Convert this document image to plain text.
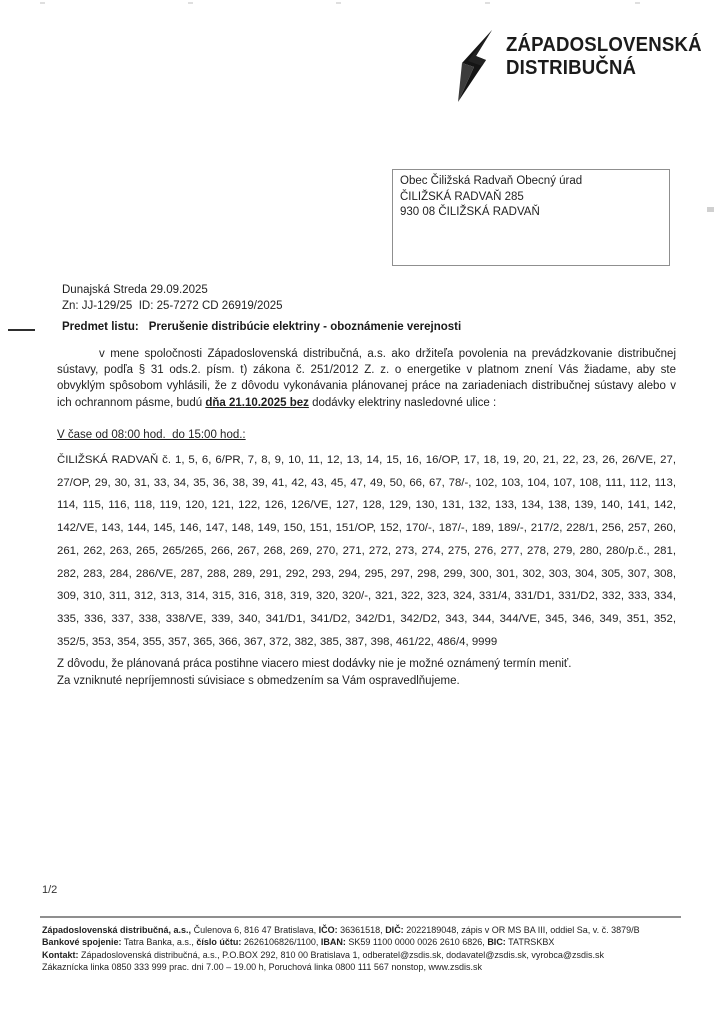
ZÁPADOSLOVENSKÁ
DISTRIBUČNÁ

Obec Čiližská Radvaň Obecný úrad

ČILIŽSKÁ RADVAŇ 285

930 08 ČILIŽSKÁ RADVAŇ

Dunajská Streda 29.09.2025

Zn: JJ-129/25  ID: 25-7272 CD 26919/2025

Predmet listu: Prerušenie distribúcie elektriny - oboznámenie verejnosti

v mene spoločnosti Západoslovenská distribučná, a.s. ako držiteľa povolenia na prevádzkovanie distribučnej sústavy, podľa § 31 ods.2. písm. t) zákona č. 251/2012 Z. z. o energetike v platnom znení Vás žiadame, aby ste obvyklým spôsobom vyhlásili, že z dôvodu vykonávania plánovanej práce na zariadeniach distribučnej sústavy alebo v ich ochrannom pásme, budú dňa 21.10.2025 bez dodávky elektriny nasledovné ulice :

V čase od 08:00 hod.  do 15:00 hod.:

ČILIŽSKÁ RADVAŇ č. 1, 5, 6, 6/PR, 7, 8, 9, 10, 11, 12, 13, 14, 15, 16, 16/OP, 17, 18, 19, 20, 21, 22, 23, 26, 26/VE, 27, 27/OP, 29, 30, 31, 33, 34, 35, 36, 38, 39, 41, 42, 43, 45, 47, 49, 50, 66, 67, 78/-, 102, 103, 104, 107, 108, 111, 112, 113, 114, 115, 116, 118, 119, 120, 121, 122, 126, 126/VE, 127, 128, 129, 130, 131, 132, 133, 134, 138, 139, 140, 141, 142, 142/VE, 143, 144, 145, 146, 147, 148, 149, 150, 151, 151/OP, 152, 170/-, 187/-, 189, 189/-, 217/2, 228/1, 256, 257, 260, 261, 262, 263, 265, 265/265, 266, 267, 268, 269, 270, 271, 272, 273, 274, 275, 276, 277, 278, 279, 280, 280/p.č., 281, 282, 283, 284, 286/VE, 287, 288, 289, 291, 292, 293, 294, 295, 297, 298, 299, 300, 301, 302, 303, 304, 305, 307, 308, 309, 310, 311, 312, 313, 314, 315, 316, 318, 319, 320, 320/-, 321, 322, 323, 324, 331/4, 331/D1, 331/D2, 332, 333, 334, 335, 336, 337, 338, 338/VE, 339, 340, 341/D1, 341/D2, 342/D1, 342/D2, 343, 344, 344/VE, 345, 346, 349, 351, 352, 352/5, 353, 354, 355, 357, 365, 366, 367, 372, 382, 385, 387, 398, 461/22, 486/4, 9999

Z dôvodu, že plánovaná práca postihne viacero miest dodávky nie je možné oznámený termín meniť.

Za vzniknuté nepríjemnosti súvisiace s obmedzením sa Vám ospravedlňujeme.

1/2

Západoslovenská distribučná, a.s., Čulenova 6, 816 47 Bratislava, IČO: 36361518, DIČ: 2022189048, zápis v OR MS BA III, oddiel Sa, v. č. 3879/B

Bankové spojenie: Tatra Banka, a.s., číslo účtu: 2626106826/1100, IBAN: SK59 1100 0000 0026 2610 6826, BIC: TATRSKBX

Kontakt: Západoslovenská distribučná, a.s., P.O.BOX 292, 810 00 Bratislava 1, odberatel@zsdis.sk, dodavatel@zsdis.sk, vyrobca@zsdis.sk

Zákaznícka linka 0850 333 999 prac. dni 7.00 – 19.00 h, Poruchová linka 0800 111 567 nonstop, www.zsdis.sk
